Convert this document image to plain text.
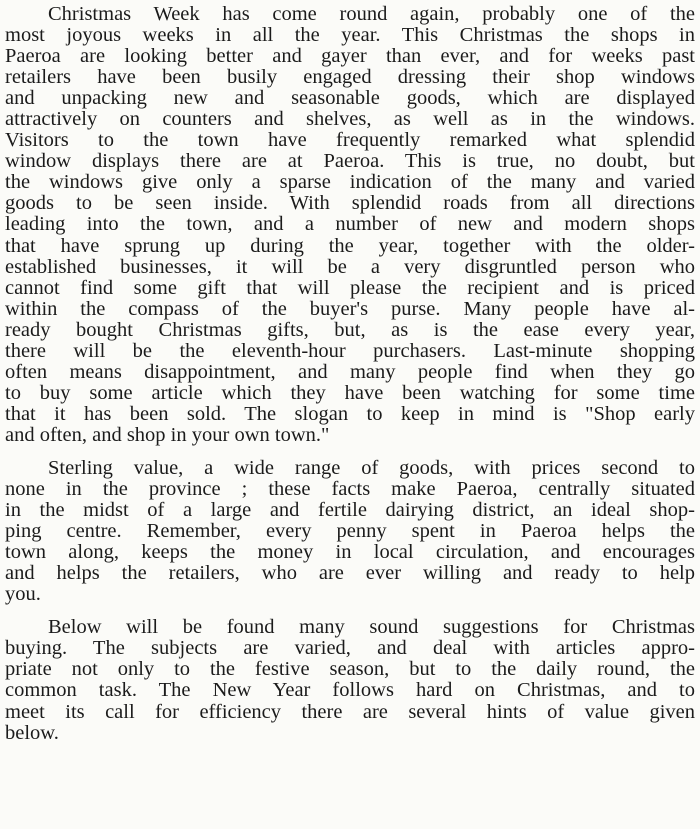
Christmas Week has come round again, probably one of the
most joyous weeks in all the year. This Christmas the shops in
Paeroa are looking better and gayer than ever, and for weeks past
retailers have been busily engaged dressing their shop windows
and unpacking new and seasonable goods, which are displayed
attractively on counters and shelves, as well as in the windows.
Visitors to the town have frequently remarked what splendid
window displays there are at Paeroa. This is true, no doubt, but
the windows give only a sparse indication of the many and varied
goods to be seen inside. With splendid roads from all directions
leading into the town, and a number of new and modern shops
that have sprung up during the year, together with the older-
established businesses, it will be a very disgruntled person who
cannot find some gift that will please the recipient and is priced
within the compass of the buyer's purse. Many people have al-
ready bought Christmas gifts, but, as is the ease every year,
there will be the eleventh-hour purchasers. Last-minute shopping
often means disappointment, and many people find when they go
to buy some article which they have been watching for some time
that it has been sold. The slogan to keep in mind is "Shop early
and often, and shop in your own town."
Sterling value, a wide range of goods, with prices second to
none in the province ; these facts make Paeroa, centrally situated
in the midst of a large and fertile dairying district, an ideal shop-
ping centre. Remember, every penny spent in Paeroa helps the
town along, keeps the money in local circulation, and encourages
and helps the retailers, who are ever willing and ready to help
you.
Below will be found many sound suggestions for Christmas
buying. The subjects are varied, and deal with articles appro-
priate not only to the festive season, but to the daily round, the
common task. The New Year follows hard on Christmas, and to
meet its call for efficiency there are several hints of value given
below.
